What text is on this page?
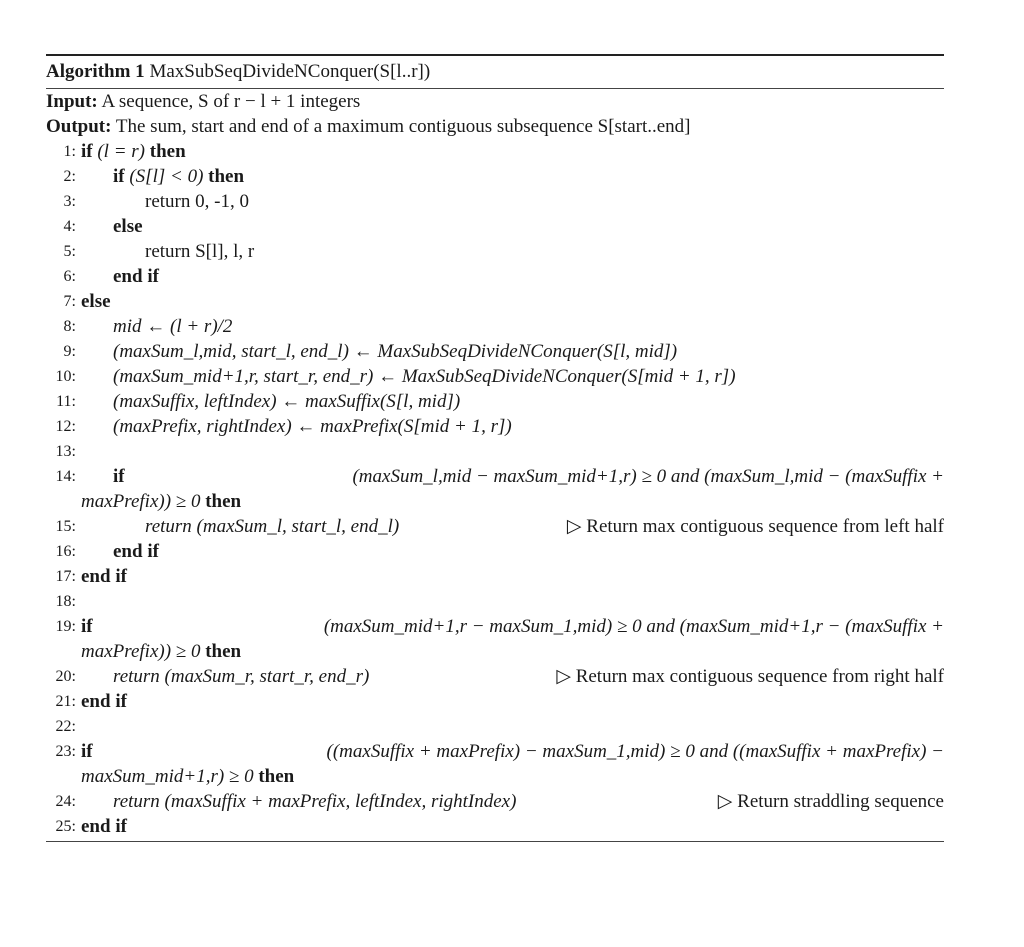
Algorithm 1 MaxSubSeqDivideNConquer(S[l..r])
Input: A sequence, S of r − l + 1 integers
Output: The sum, start and end of a maximum contiguous subsequence S[start..end]
1: if (l = r) then
2:	if (S[l] < 0) then
3:	return 0, -1, 0
4:	else
5:	return S[l], l, r
6:	end if
7: else
8:	mid ← (l + r)/2
9:	(maxSum_l,mid, start_l, end_l) ← MaxSubSeqDivideNConquer(S[l, mid])
10:	(maxSum_mid+1,r, start_r, end_r) ← MaxSubSeqDivideNConquer(S[mid + 1, r])
11:	(maxSuffix, leftIndex) ← maxSuffix(S[l, mid])
12:	(maxPrefix, rightIndex) ← maxPrefix(S[mid + 1, r])
13:
14: if	(maxSum_l,mid − maxSum_mid+1,r) ≥ 0 and (maxSum_l,mid − (maxSuffix +
maxPrefix)) ≥ 0 then
15:	return (maxSum_l, start_l, end_l)	▷ Return max contiguous sequence from left half
16:	end if
17: end if
18:
19: if	(maxSum_mid+1,r − maxSum_1,mid) ≥ 0 and (maxSum_mid+1,r − (maxSuffix +
maxPrefix)) ≥ 0 then
20:	return (maxSum_r, start_r, end_r)	▷ Return max contiguous sequence from right half
21: end if
22:
23: if	((maxSuffix + maxPrefix) − maxSum_1,mid) ≥ 0 and ((maxSuffix + maxPrefix) −
maxSum_mid+1,r) ≥ 0 then
24:	return (maxSuffix + maxPrefix, leftIndex, rightIndex)	▷ Return straddling sequence
25: end if
